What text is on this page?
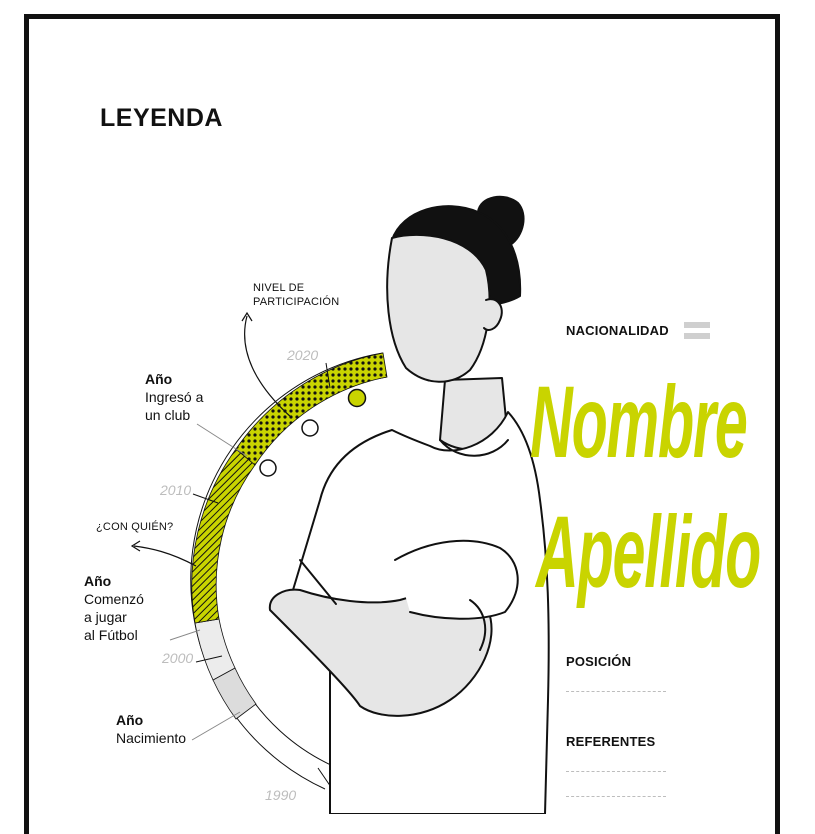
LEYENDA
NIVEL DE
PARTICIPACIÓN
¿CON QUIÉN?
2020
2010
2000
1990
Año
Ingresó a
un club
Año
Comenzó
a jugar
al Fútbol
Año
Nacimiento
NACIONALIDAD
Nombre
Apellido
POSICIÓN
REFERENTES
